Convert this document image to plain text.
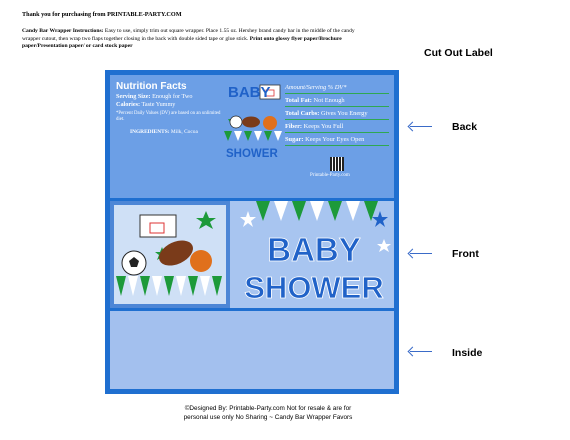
Thank you for purchasing from PRINTABLE-PARTY.COM
Candy Bar Wrapper Instructions: Easy to use, simply trim out square wrapper. Place 1.55 oz. Hershey brand candy bar in the middle of the candy wrapper cutout, then wrap two flaps together closing in the back with double sided tape or glue stick. Print onto glossy flyer paper/Brochure paper/Presentation paper/ or card stock paper
Cut Out Label
Back
Front
Inside
Nutrition Facts
Serving Size: Enough for Two
Calories: Taste Yummy
*Percent Daily Values (DV) are based on an unlimited diet.
INGREDIENTS: Milk, Cocoa
BABY
SHOWER
Amount/Serving % DV*
Total Fat: Not Enough
Total Carbs: Gives You Energy
Fiber: Keeps You Full
Sugar: Keeps Your Eyes Open
Printable-Party.com
BABY
SHOWER
©Designed By: Printable-Party.com Not for resale & are for
personal use only No Sharing ~ Candy Bar Wrapper Favors
